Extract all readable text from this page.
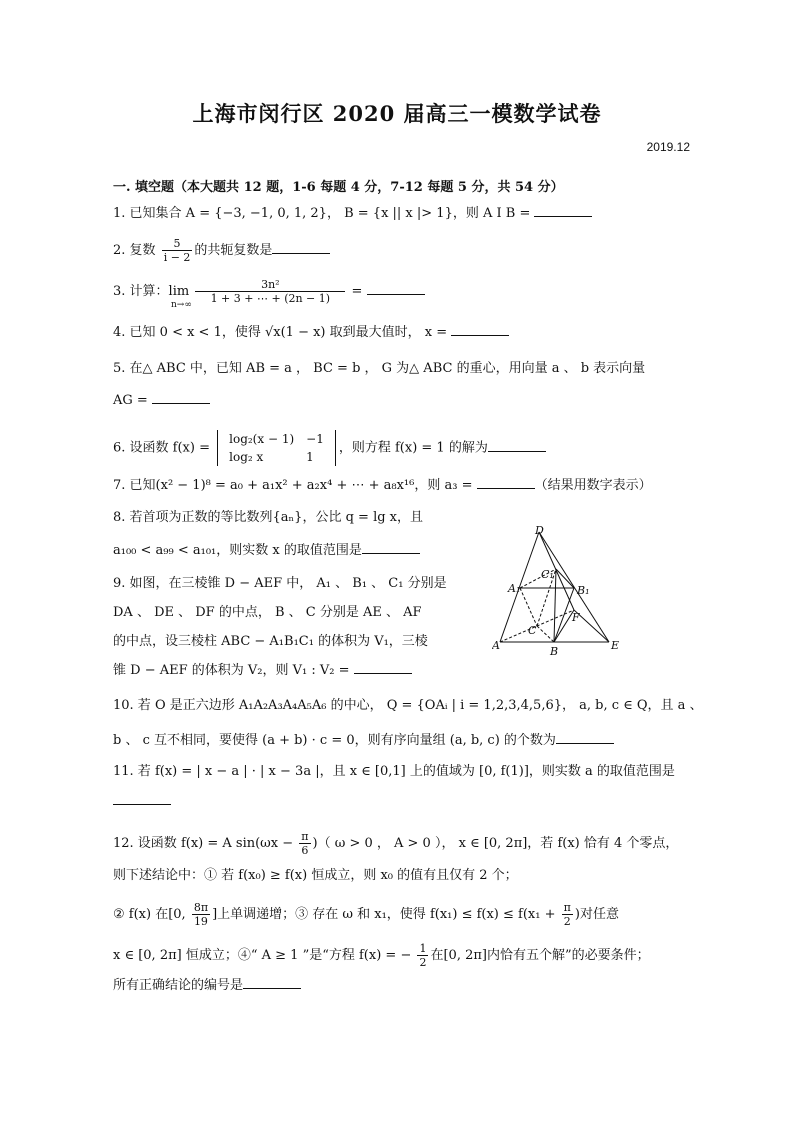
上海市闵行区 2020 届高三一模数学试卷
2019.12
一. 填空题（本大题共 12 题，1-6 每题 4 分，7-12 每题 5 分，共 54 分）
1. 已知集合 A = {−3, −1, 0, 1, 2}， B = {x || x |> 1}，则 A I B =
2. 复数 $\frac{5}{i - 2}$ 的共轭复数是
3. 计算：$\lim \frac{\text{3n²}}{1 + 3 + \cdots + (2n - 1)}$ =
n→∞
4. 已知 0 < x < 1，使得 √x(1 − x) 取到最大值时， x =
5. 在△ ABC 中，已知 AB = a ， BC = b ， G 为△ ABC 的重心，用向量 a 、 b 表示向量
AG =
6. 设函数 f(x) =
log₂(x − 1)	−1
log₂ x	1
，则方程 f(x) = 1 的解为
7. 已知(x² − 1)⁸ = a₀ + a₁x² + a₂x⁴ + ⋯ + a₈x¹⁶，则 a₃ =	（结果用数字表示）
8. 若首项为正数的等比数列{aₙ}，公比 q = lg x，且
a₁₀₀ < a₉₉ < a₁₀₁，则实数 x 的取值范围是
9. 如图，在三棱锥 D − AEF 中， A₁ 、 B₁ 、 C₁ 分别是
DA 、 DE 、 DF 的中点， B 、 C 分别是 AE 、 AF
的中点，设三棱柱 ABC − A₁B₁C₁ 的体积为 V₁，三棱
锥 D − AEF 的体积为 V₂，则 V₁ : V₂ =
D
C₁
A₁	B₁
F
C
A	B	E
10. 若 O 是正六边形 A₁A₂A₃A₄A₅A₆ 的中心， Q = {OAᵢ | i = 1,2,3,4,5,6}， a, b, c ∈ Q，且 a 、
b 、 c 互不相同，要使得 (a + b) · c = 0，则有序向量组 (a, b, c) 的个数为
11. 若 f(x) = | x − a | · | x − 3a |，且 x ∈ [0,1] 上的值域为 [0, f(1)]，则实数 a 的取值范围是
12. 设函数 f(x) = A $\sin(\omega x - \frac{\pi}{6}$ )（ ω > 0 ， A > 0 ）， x ∈ [0, 2π]，若 f(x) 恰有 4 个零点，
则下述结论中：① 若 f(x₀) ≥ f(x) 恒成立，则 x₀ 的值有且仅有 2 个；
② f(x) 在[0, $\frac{8\pi}{19}$ ]上单调递增；③ 存在 ω 和 x₁，使得 $f(x_1) \le f(x) \le f(x_1 + \frac{\pi}{2}$ )对任意
x ∈ [0, 2π] 恒成立；④“ A ≥ 1 ”是“方程 f(x) = − $\frac{1}{2}$ 在[0, 2π]内恰有五个解”的必要条件；
所有正确结论的编号是
